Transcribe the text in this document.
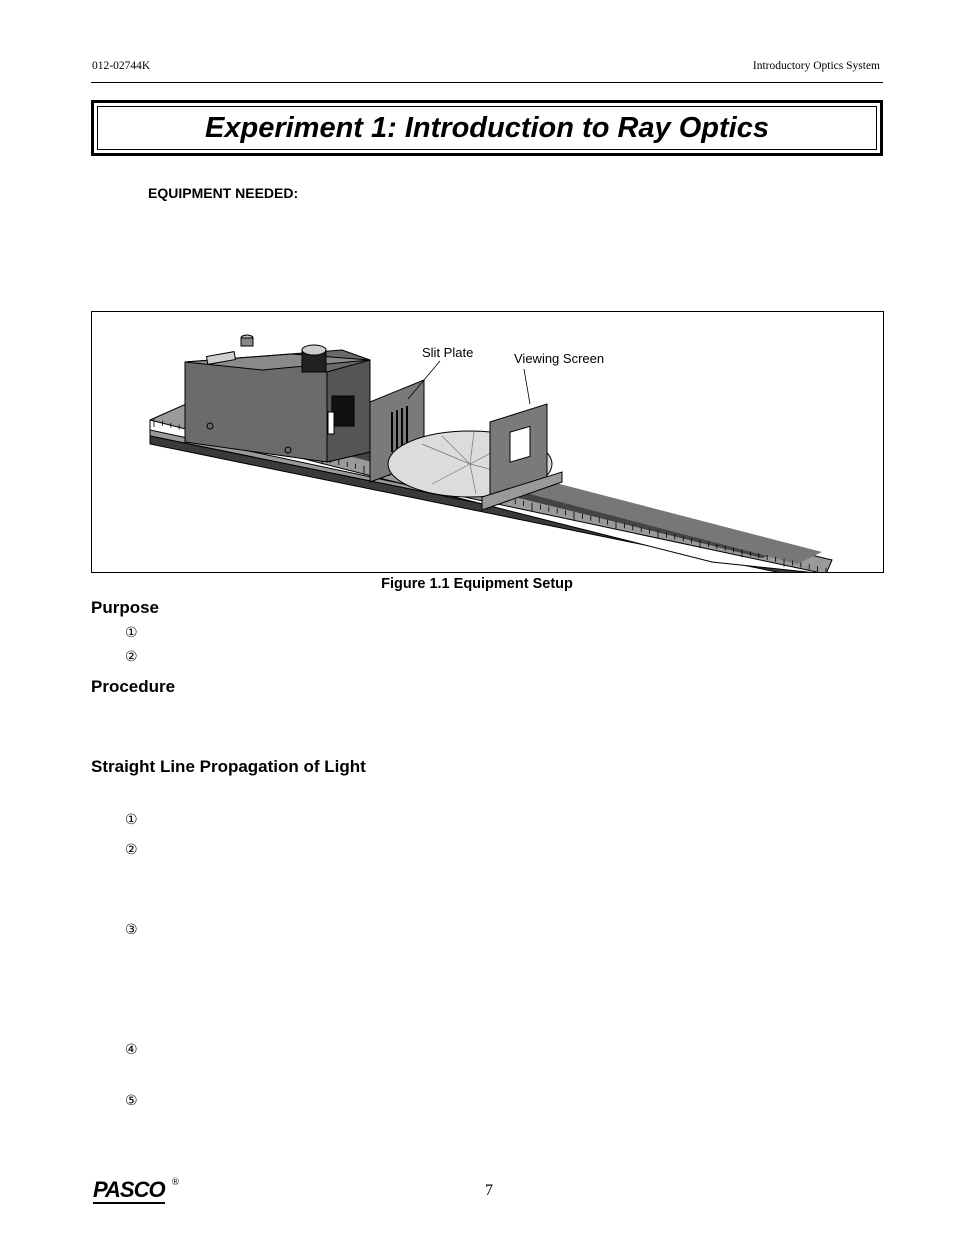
012-02744K	Introductory Optics System
Experiment 1: Introduction to Ray Optics
EQUIPMENT NEEDED:
Slit Plate	Viewing Screen
Figure 1.1 Equipment Setup
Purpose
①
②
Procedure
Straight Line Propagation of Light
①
②
③
④
⑤
PASCO ®	7
